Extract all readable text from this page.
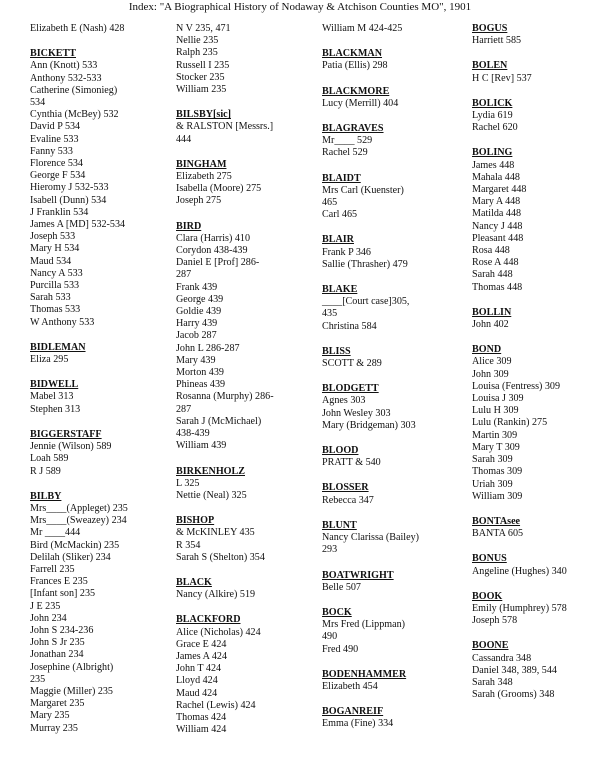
Index: "A Biographical History of Nodaway & Atchison Counties MO", 1901
Elizabeth E (Nash) 428
BICKETT
Ann (Knott) 533
Anthony 532-533
Catherine (Simonieg)
534
Cynthia (McBey) 532
David P 534
Evaline 533
Fanny 533
Florence 534
George F 534
Hieromy J 532-533
Isabell (Dunn) 534
J Franklin 534
James A [MD] 532-534
Joseph 533
Mary H 534
Maud 534
Nancy A 533
Purcilla 533
Sarah 533
Thomas 533
W Anthony 533
BIDLEMAN
Eliza 295
BIDWELL
Mabel 313
Stephen 313
BIGGERSTAFF
Jennie (Wilson) 589
Loah 589
R J 589
BILBY
Mrs____(Appleget) 235
Mrs____(Sweazey) 234
Mr ____444
Bird (McMackin) 235
Delilah (Sliker) 234
Farrell 235
Frances E 235
[Infant son] 235
J E 235
John 234
John S 234-236
John S Jr 235
Jonathan 234
Josephine (Albright)
235
Maggie (Miller) 235
Margaret 235
Mary 235
Murray 235
N V 235, 471
Nellie 235
Ralph 235
Russell I 235
Stocker 235
William 235
BILSBY[sic]
& RALSTON [Messrs.]
444
BINGHAM
Elizabeth 275
Isabella (Moore) 275
Joseph 275
BIRD
Clara (Harris) 410
Corydon 438-439
Daniel E [Prof] 286-
287
Frank 439
George 439
Goldie 439
Harry 439
Jacob 287
John L 286-287
Mary 439
Morton 439
Phineas 439
Rosanna (Murphy) 286-
287
Sarah J (McMichael)
438-439
William 439
BIRKENHOLZ
L 325
Nettie (Neal) 325
BISHOP
& McKINLEY 435
R 354
Sarah S (Shelton) 354
BLACK
Nancy (Alkire) 519
BLACKFORD
Alice (Nicholas) 424
Grace E 424
James A 424
John T 424
Lloyd 424
Maud 424
Rachel (Lewis) 424
Thomas 424
William 424
William M 424-425
BLACKMAN
Patia (Ellis) 298
BLACKMORE
Lucy (Merrill) 404
BLAGRAVES
Mr____ 529
Rachel 529
BLAIDT
Mrs Carl (Kuenster)
465
Carl 465
BLAIR
Frank P 346
Sallie (Thrasher) 479
BLAKE
____[Court case]305,
435
Christina 584
BLISS
SCOTT & 289
BLODGETT
Agnes 303
John Wesley 303
Mary (Bridgeman) 303
BLOOD
PRATT & 540
BLOSSER
Rebecca 347
BLUNT
Nancy Clarissa (Bailey)
293
BOATWRIGHT
Belle 507
BOCK
Mrs Fred (Lippman)
490
Fred 490
BODENHAMMER
Elizabeth 454
BOGANREIF
Emma (Fine) 334
BOGUS
Harriett 585
BOLEN
H C [Rev] 537
BOLICK
Lydia 619
Rachel 620
BOLING
James 448
Mahala 448
Margaret 448
Mary A 448
Matilda 448
Nancy J 448
Pleasant 448
Rosa 448
Rose A 448
Sarah 448
Thomas 448
BOLLIN
John 402
BOND
Alice 309
John 309
Louisa (Fentress) 309
Louisa J 309
Lulu H 309
Lulu (Rankin) 275
Martin 309
Mary T 309
Sarah 309
Thomas 309
Uriah 309
William 309
BONTAsee
BANTA 605
BONUS
Angeline (Hughes) 340
BOOK
Emily (Humphrey) 578
Joseph 578
BOONE
Cassandra 348
Daniel 348, 389, 544
Sarah 348
Sarah (Grooms) 348
